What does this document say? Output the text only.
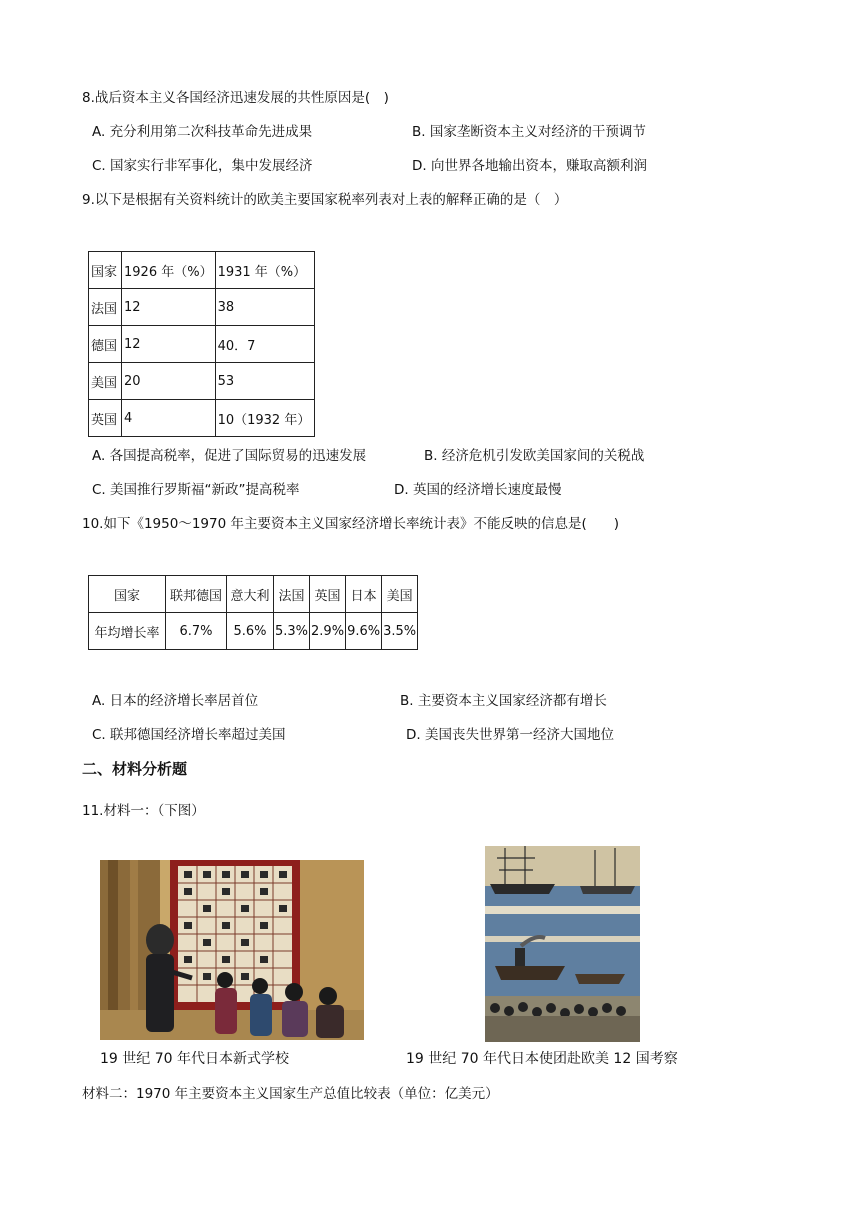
8.战后资本主义各国经济迅速发展的共性原因是(　)
A. 充分利用第二次科技革命先进成果	B. 国家垄断资本主义对经济的干预调节
C. 国家实行非军事化，集中发展经济	D. 向世界各地输出资本，赚取高额利润
9.以下是根据有关资料统计的欧美主要国家税率列表对上表的解释正确的是（　）
国家	1926 年（%）	1931 年（%）
法国	12	38
德国	12	40．7
美国	20	53
英国	4	10（1932 年）
A. 各国提高税率，促进了国际贸易的迅速发展	B. 经济危机引发欧美国家间的关税战
C. 美国推行罗斯福“新政”提高税率	D. 英国的经济增长速度最慢
10.如下《1950～1970 年主要资本主义国家经济增长率统计表》不能反映的信息是(　　)
国家	联邦德国	意大利	法国	英国	日本	美国
年均增长率	6.7%	5.6%	5.3%	2.9%	9.6%	3.5%
A. 日本的经济增长率居首位	B. 主要资本主义国家经济都有增长
C. 联邦德国经济增长率超过美国	D. 美国丧失世界第一经济大国地位
二、材料分析题
11.材料一：（下图）
19 世纪 70 年代日本新式学校	19 世纪 70 年代日本使团赴欧美 12 国考察
材料二：1970 年主要资本主义国家生产总值比较表（单位：亿美元）
